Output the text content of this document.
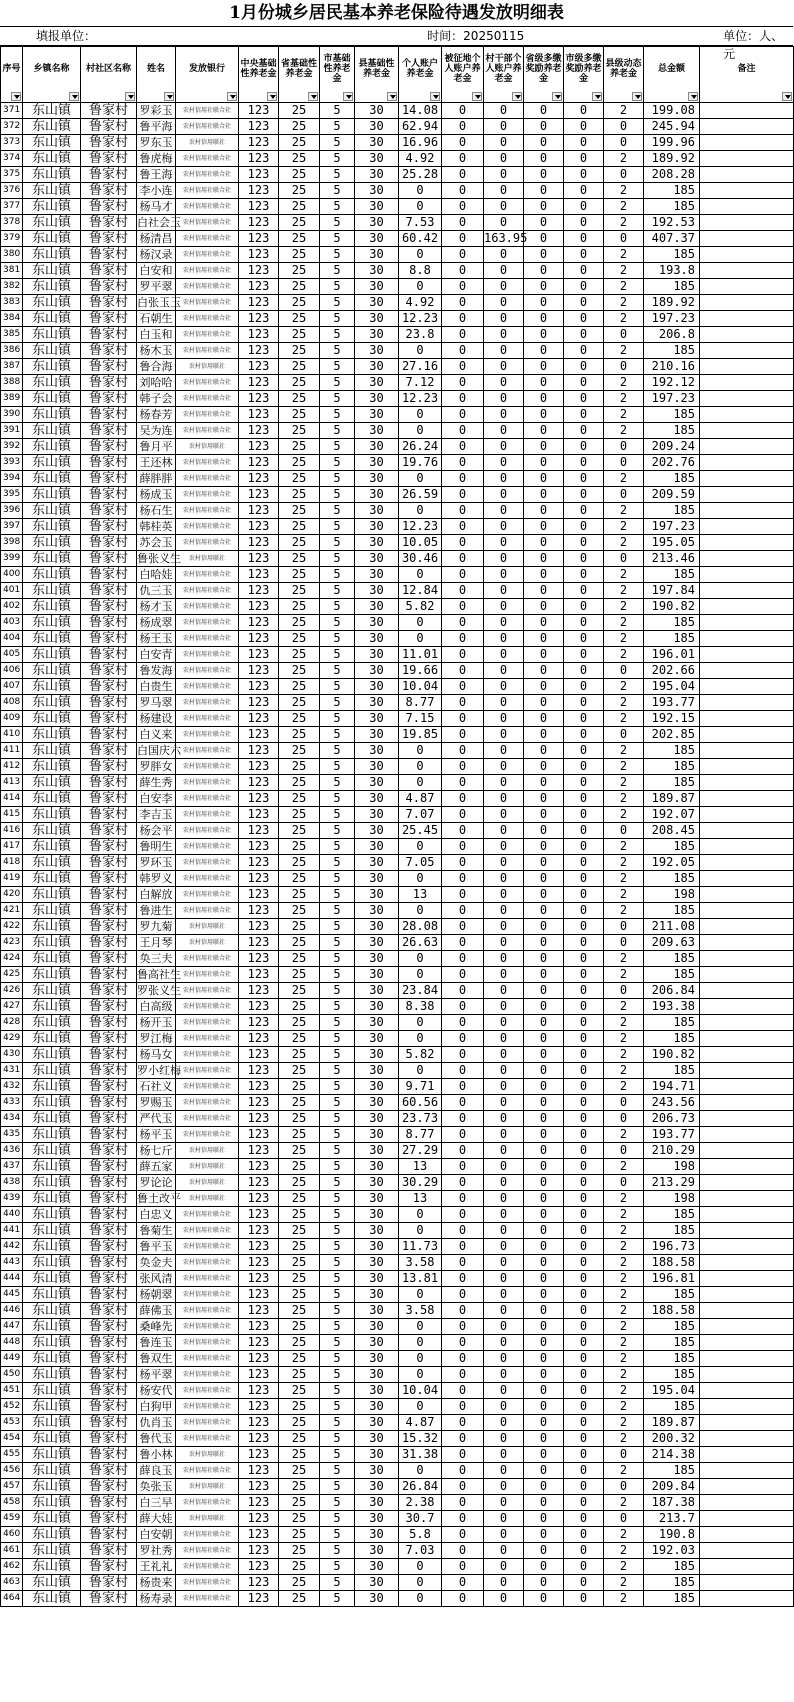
1月份城乡居民基本养老保险待遇发放明细表
填报单位：	时间：20250115	单位：人、元
序号	乡镇名称	村社区名称	姓名	发放银行	中央基础性养老金	省基础性养老金	市基础性养老金	县基础性养老金	个人账户养老金	被征地个人账户养老金	村干部个人账户养老金	省级多缴奖励养老金	市级多缴奖励养老金	县级动态养老金	总金额	备注

371	东山镇	鲁家村	罗彩玉	农村信用社联合社	123	25	5	30	14.08	0	0	0	0	2	199.08	
372	东山镇	鲁家村	鲁平海	农村信用社联合社	123	25	5	30	62.94	0	0	0	0	0	245.94	
373	东山镇	鲁家村	罗东玉	农村信用联社	123	25	5	30	16.96	0	0	0	0	0	199.96	
374	东山镇	鲁家村	鲁虎梅	农村信用社联合社	123	25	5	30	4.92	0	0	0	0	2	189.92	
375	东山镇	鲁家村	鲁王海	农村信用社联合社	123	25	5	30	25.28	0	0	0	0	0	208.28	
376	东山镇	鲁家村	李小连	农村信用社联合社	123	25	5	30	0	0	0	0	0	2	185	
377	东山镇	鲁家村	杨马才	农村信用社联合社	123	25	5	30	0	0	0	0	0	2	185	
378	东山镇	鲁家村	白社会玉	农村信用社联合社	123	25	5	30	7.53	0	0	0	0	2	192.53	
379	东山镇	鲁家村	杨清昌	农村信用社联合社	123	25	5	30	60.42	0	163.95	0	0	0	407.37	
380	东山镇	鲁家村	杨汉录	农村信用社联合社	123	25	5	30	0	0	0	0	0	2	185	
381	东山镇	鲁家村	白安和	农村信用社联合社	123	25	5	30	8.8	0	0	0	0	2	193.8	
382	东山镇	鲁家村	罗平翠	农村信用社联合社	123	25	5	30	0	0	0	0	0	2	185	
383	东山镇	鲁家村	白张玉玉	农村信用社联合社	123	25	5	30	4.92	0	0	0	0	2	189.92	
384	东山镇	鲁家村	石朝生	农村信用社联合社	123	25	5	30	12.23	0	0	0	0	2	197.23	
385	东山镇	鲁家村	白玉和	农村信用社联合社	123	25	5	30	23.8	0	0	0	0	0	206.8	
386	东山镇	鲁家村	杨木玉	农村信用社联合社	123	25	5	30	0	0	0	0	0	2	185	
387	东山镇	鲁家村	鲁合海	农村信用联社	123	25	5	30	27.16	0	0	0	0	0	210.16	
388	东山镇	鲁家村	刘哈哈	农村信用社联合社	123	25	5	30	7.12	0	0	0	0	2	192.12	
389	东山镇	鲁家村	韩子会	农村信用社联合社	123	25	5	30	12.23	0	0	0	0	2	197.23	
390	东山镇	鲁家村	杨春芳	农村信用社联合社	123	25	5	30	0	0	0	0	0	2	185	
391	东山镇	鲁家村	吴为连	农村信用社联合社	123	25	5	30	0	0	0	0	0	2	185	
392	东山镇	鲁家村	鲁月平	农村信用联社	123	25	5	30	26.24	0	0	0	0	0	209.24	
393	东山镇	鲁家村	王还林	农村信用社联合社	123	25	5	30	19.76	0	0	0	0	0	202.76	
394	东山镇	鲁家村	薛胖胖	农村信用社联合社	123	25	5	30	0	0	0	0	0	2	185	
395	东山镇	鲁家村	杨成玉	农村信用社联合社	123	25	5	30	26.59	0	0	0	0	0	209.59	
396	东山镇	鲁家村	杨石生	农村信用社联合社	123	25	5	30	0	0	0	0	0	2	185	
397	东山镇	鲁家村	韩桂英	农村信用社联合社	123	25	5	30	12.23	0	0	0	0	2	197.23	
398	东山镇	鲁家村	苏会玉	农村信用社联合社	123	25	5	30	10.05	0	0	0	0	2	195.05	
399	东山镇	鲁家村	鲁张义生	农村信用联社	123	25	5	30	30.46	0	0	0	0	0	213.46	
400	东山镇	鲁家村	白哈娃	农村信用社联合社	123	25	5	30	0	0	0	0	0	2	185	
401	东山镇	鲁家村	仇三玉	农村信用社联合社	123	25	5	30	12.84	0	0	0	0	2	197.84	
402	东山镇	鲁家村	杨才玉	农村信用社联合社	123	25	5	30	5.82	0	0	0	0	2	190.82	
403	东山镇	鲁家村	杨成翠	农村信用社联合社	123	25	5	30	0	0	0	0	0	2	185	
404	东山镇	鲁家村	杨王玉	农村信用社联合社	123	25	5	30	0	0	0	0	0	2	185	
405	东山镇	鲁家村	白安青	农村信用社联合社	123	25	5	30	11.01	0	0	0	0	2	196.01	
406	东山镇	鲁家村	鲁发海	农村信用社联合社	123	25	5	30	19.66	0	0	0	0	0	202.66	
407	东山镇	鲁家村	白贵生	农村信用社联合社	123	25	5	30	10.04	0	0	0	0	2	195.04	
408	东山镇	鲁家村	罗马翠	农村信用社联合社	123	25	5	30	8.77	0	0	0	0	2	193.77	
409	东山镇	鲁家村	杨建设	农村信用社联合社	123	25	5	30	7.15	0	0	0	0	2	192.15	
410	东山镇	鲁家村	白义来	农村信用社联合社	123	25	5	30	19.85	0	0	0	0	0	202.85	
411	东山镇	鲁家村	白国庆六	农村信用社联合社	123	25	5	30	0	0	0	0	0	2	185	
412	东山镇	鲁家村	罗胖女	农村信用社联合社	123	25	5	30	0	0	0	0	0	2	185	
413	东山镇	鲁家村	薛生秀	农村信用社联合社	123	25	5	30	0	0	0	0	0	2	185	
414	东山镇	鲁家村	白安李	农村信用社联合社	123	25	5	30	4.87	0	0	0	0	2	189.87	
415	东山镇	鲁家村	李吉玉	农村信用社联合社	123	25	5	30	7.07	0	0	0	0	2	192.07	
416	东山镇	鲁家村	杨会平	农村信用社联合社	123	25	5	30	25.45	0	0	0	0	0	208.45	
417	东山镇	鲁家村	鲁明生	农村信用社联合社	123	25	5	30	0	0	0	0	0	2	185	
418	东山镇	鲁家村	罗环玉	农村信用社联合社	123	25	5	30	7.05	0	0	0	0	2	192.05	
419	东山镇	鲁家村	韩罗义	农村信用社联合社	123	25	5	30	0	0	0	0	0	2	185	
420	东山镇	鲁家村	白解放	农村信用社联合社	123	25	5	30	13	0	0	0	0	2	198	
421	东山镇	鲁家村	鲁进生	农村信用社联合社	123	25	5	30	0	0	0	0	0	2	185	
422	东山镇	鲁家村	罗九菊	农村信用联社	123	25	5	30	28.08	0	0	0	0	0	211.08	
423	东山镇	鲁家村	王月琴	农村信用联社	123	25	5	30	26.63	0	0	0	0	0	209.63	
424	东山镇	鲁家村	奂三夫	农村信用社联合社	123	25	5	30	0	0	0	0	0	2	185	
425	东山镇	鲁家村	鲁高社生	农村信用社联合社	123	25	5	30	0	0	0	0	0	2	185	
426	东山镇	鲁家村	罗张义生	农村信用社联合社	123	25	5	30	23.84	0	0	0	0	0	206.84	
427	东山镇	鲁家村	白高级	农村信用社联合社	123	25	5	30	8.38	0	0	0	0	2	193.38	
428	东山镇	鲁家村	杨开玉	农村信用社联合社	123	25	5	30	0	0	0	0	0	2	185	
429	东山镇	鲁家村	罗江梅	农村信用社联合社	123	25	5	30	0	0	0	0	0	2	185	
430	东山镇	鲁家村	杨马女	农村信用社联合社	123	25	5	30	5.82	0	0	0	0	2	190.82	
431	东山镇	鲁家村	罗小红梅	农村信用社联合社	123	25	5	30	0	0	0	0	0	2	185	
432	东山镇	鲁家村	石社义	农村信用社联合社	123	25	5	30	9.71	0	0	0	0	2	194.71	
433	东山镇	鲁家村	罗赐玉	农村信用社联合社	123	25	5	30	60.56	0	0	0	0	0	243.56	
434	东山镇	鲁家村	严代玉	农村信用社联合社	123	25	5	30	23.73	0	0	0	0	0	206.73	
435	东山镇	鲁家村	杨平玉	农村信用社联合社	123	25	5	30	8.77	0	0	0	0	2	193.77	
436	东山镇	鲁家村	杨七斤	农村信用联社	123	25	5	30	27.29	0	0	0	0	0	210.29	
437	东山镇	鲁家村	薛五家	农村信用联社	123	25	5	30	13	0	0	0	0	2	198	
438	东山镇	鲁家村	罗论论	农村信用联社	123	25	5	30	30.29	0	0	0	0	0	213.29	
439	东山镇	鲁家村	鲁土改平	农村信用联社	123	25	5	30	13	0	0	0	0	2	198	
440	东山镇	鲁家村	白忠义	农村信用社联合社	123	25	5	30	0	0	0	0	0	2	185	
441	东山镇	鲁家村	鲁菊生	农村信用社联合社	123	25	5	30	0	0	0	0	0	2	185	
442	东山镇	鲁家村	鲁平玉	农村信用社联合社	123	25	5	30	11.73	0	0	0	0	2	196.73	
443	东山镇	鲁家村	奂金夫	农村信用社联合社	123	25	5	30	3.58	0	0	0	0	2	188.58	
444	东山镇	鲁家村	张风清	农村信用社联合社	123	25	5	30	13.81	0	0	0	0	2	196.81	
445	东山镇	鲁家村	杨朝翠	农村信用社联合社	123	25	5	30	0	0	0	0	0	2	185	
446	东山镇	鲁家村	薛佛玉	农村信用社联合社	123	25	5	30	3.58	0	0	0	0	2	188.58	
447	东山镇	鲁家村	桑峰先	农村信用社联合社	123	25	5	30	0	0	0	0	0	2	185	
448	东山镇	鲁家村	鲁连玉	农村信用社联合社	123	25	5	30	0	0	0	0	0	2	185	
449	东山镇	鲁家村	鲁双生	农村信用社联合社	123	25	5	30	0	0	0	0	0	2	185	
450	东山镇	鲁家村	杨平翠	农村信用社联合社	123	25	5	30	0	0	0	0	0	2	185	
451	东山镇	鲁家村	杨安代	农村信用社联合社	123	25	5	30	10.04	0	0	0	0	2	195.04	
452	东山镇	鲁家村	白狗甲	农村信用社联合社	123	25	5	30	0	0	0	0	0	2	185	
453	东山镇	鲁家村	仇肖玉	农村信用社联合社	123	25	5	30	4.87	0	0	0	0	2	189.87	
454	东山镇	鲁家村	鲁代玉	农村信用社联合社	123	25	5	30	15.32	0	0	0	0	2	200.32	
455	东山镇	鲁家村	鲁小林	农村信用联社	123	25	5	30	31.38	0	0	0	0	0	214.38	
456	东山镇	鲁家村	薛良玉	农村信用社联合社	123	25	5	30	0	0	0	0	0	2	185	
457	东山镇	鲁家村	奂张玉	农村信用联社	123	25	5	30	26.84	0	0	0	0	0	209.84	
458	东山镇	鲁家村	白三早	农村信用社联合社	123	25	5	30	2.38	0	0	0	0	2	187.38	
459	东山镇	鲁家村	薛大娃	农村信用联社	123	25	5	30	30.7	0	0	0	0	0	213.7	
460	东山镇	鲁家村	白安朝	农村信用社联合社	123	25	5	30	5.8	0	0	0	0	2	190.8	
461	东山镇	鲁家村	罗社秀	农村信用社联合社	123	25	5	30	7.03	0	0	0	0	2	192.03	
462	东山镇	鲁家村	王礼礼	农村信用社联合社	123	25	5	30	0	0	0	0	0	2	185	
463	东山镇	鲁家村	杨贵来	农村信用社联合社	123	25	5	30	0	0	0	0	0	2	185	
464	东山镇	鲁家村	杨寿录	农村信用社联合社	123	25	5	30	0	0	0	0	0	2	185	
